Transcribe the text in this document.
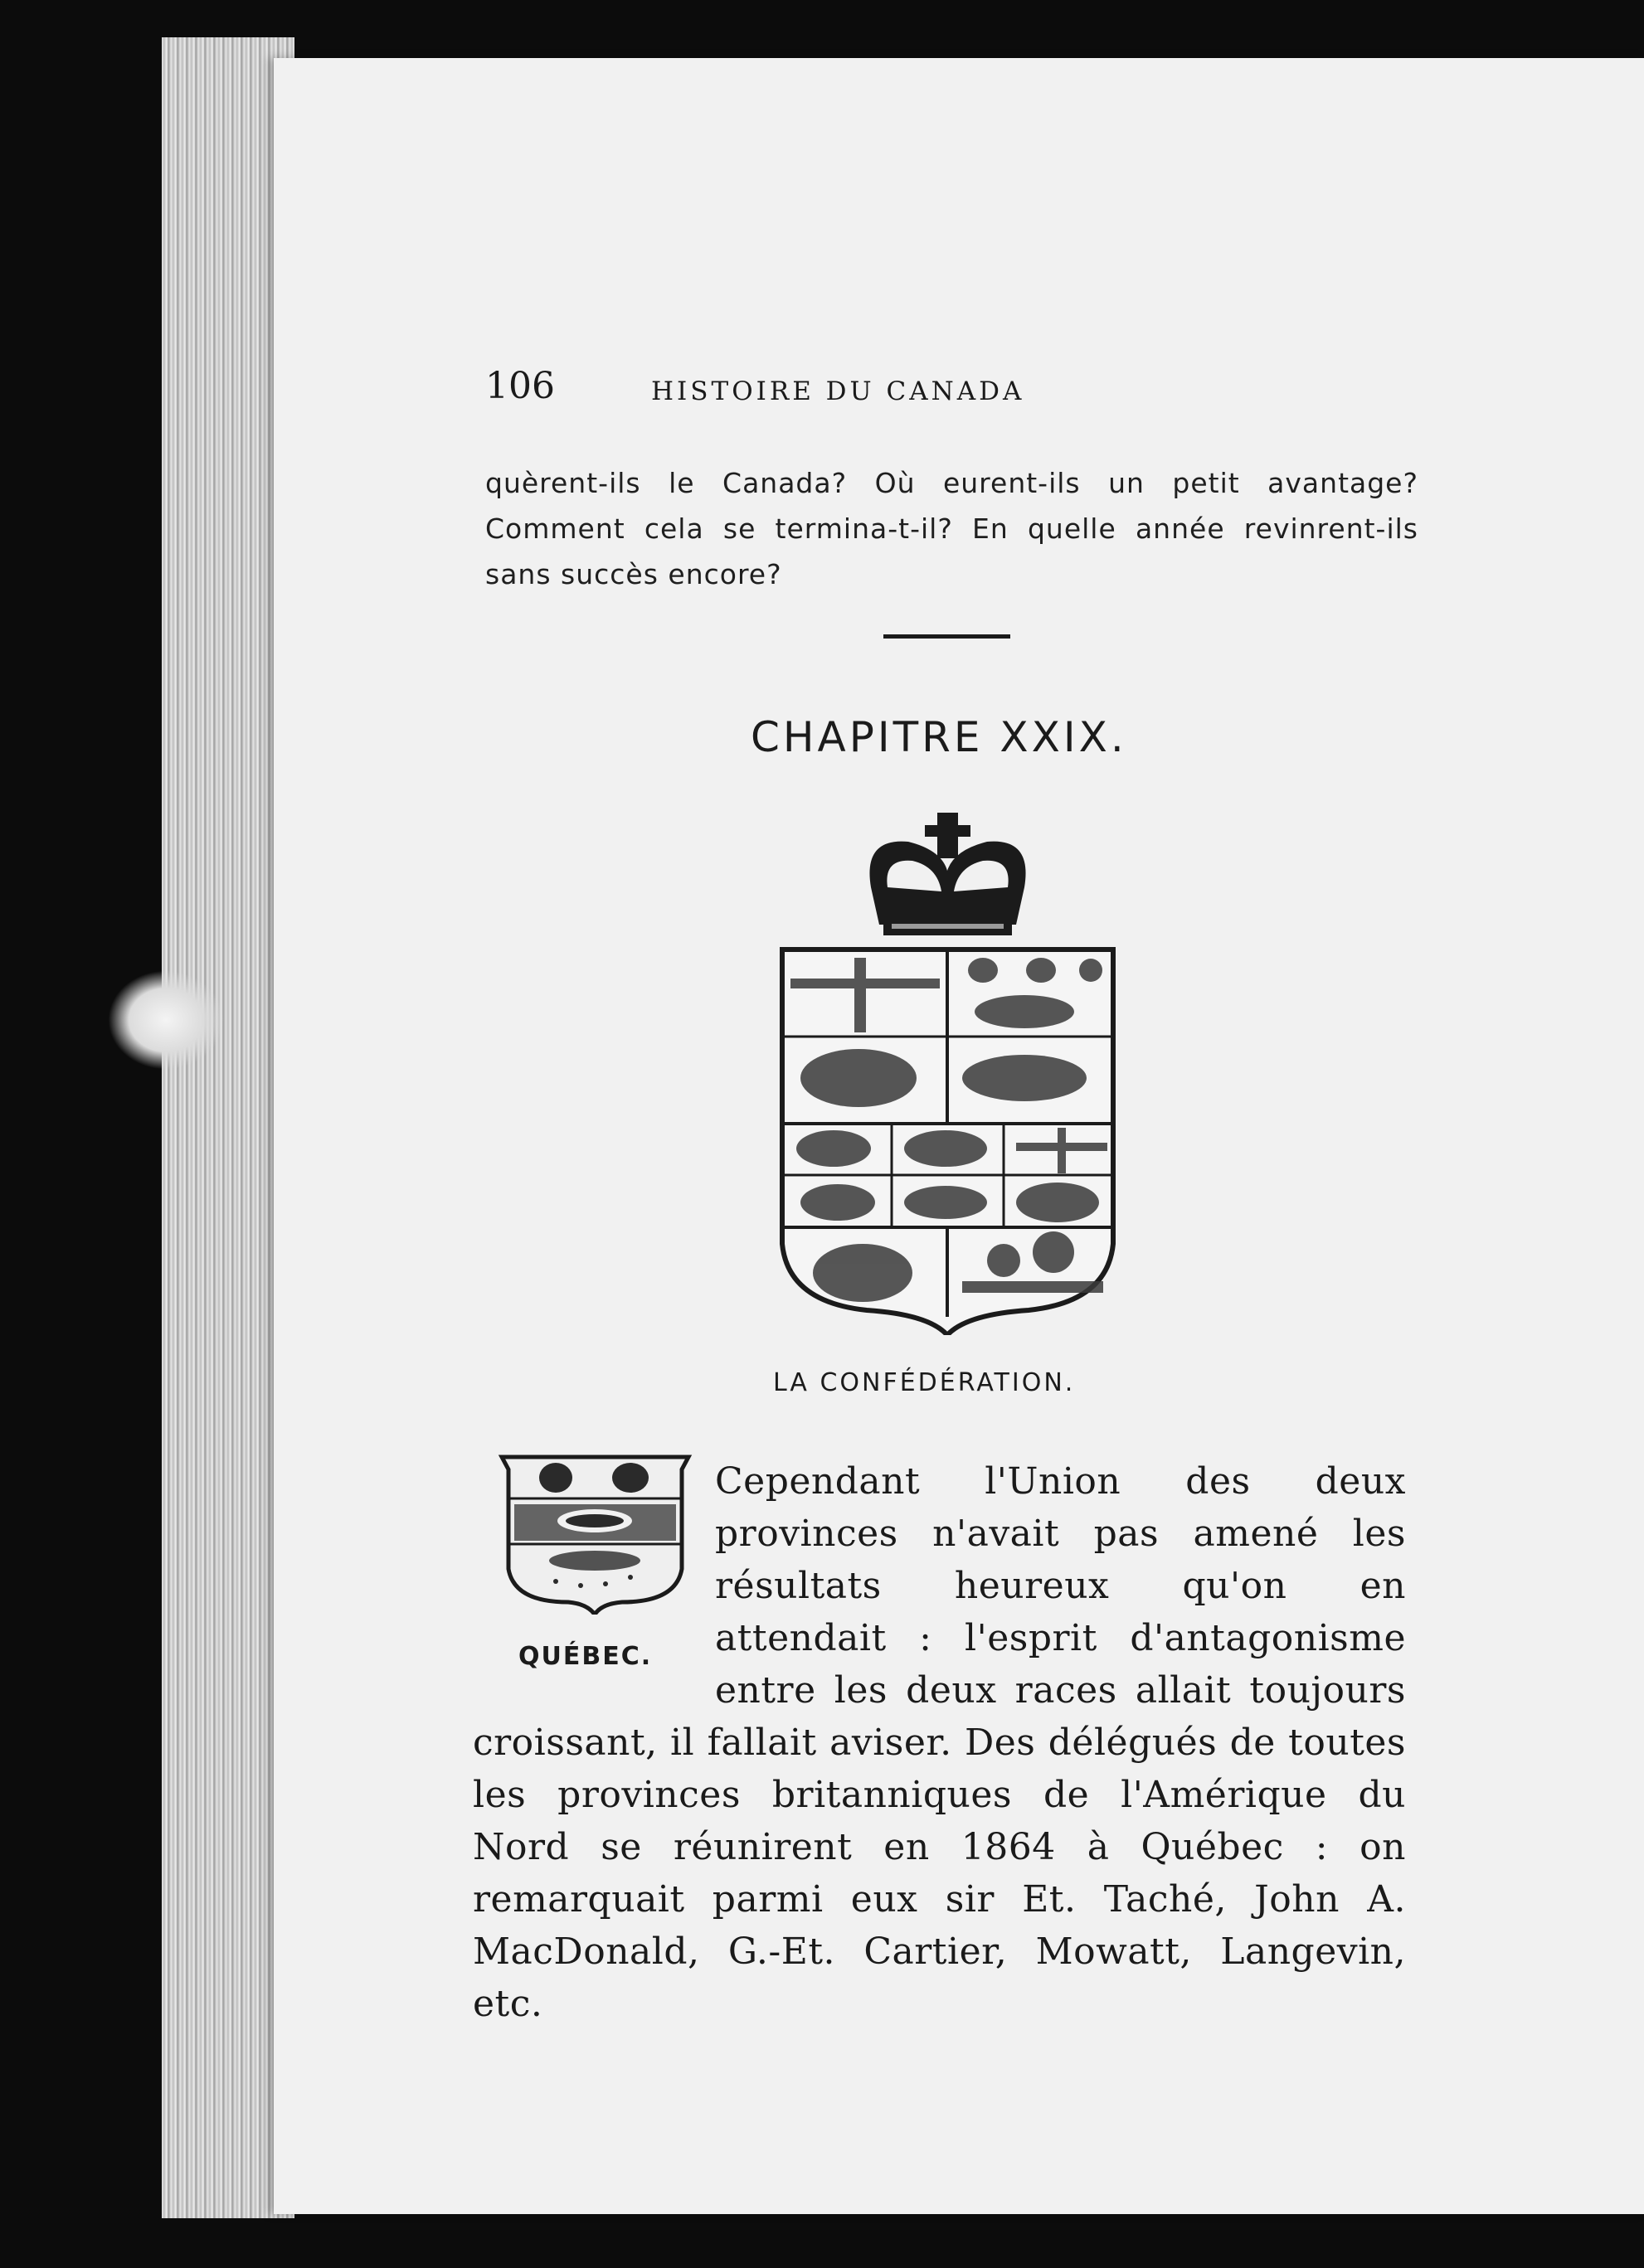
106	HISTOIRE DU CANADA
quèrent-ils le Canada? Où eurent-ils un petit avantage? Comment cela se termina-t-il? En quelle année revinrent-ils sans succès encore?
CHAPITRE XXIX.
LA CONFÉDÉRATION.
QUÉBEC.
Cependant l'Union des deux provinces n'avait pas amené les résultats heureux qu'on en attendait : l'esprit d'antagonisme entre les deux races allait toujours croissant, il fallait aviser. Des délégués de toutes les provinces britanniques de l'Amérique du Nord se réunirent en 1864 à Québec : on remarquait parmi eux sir Et. Taché, John A. MacDonald, G.-Et. Cartier, Mowatt, Langevin, etc.
